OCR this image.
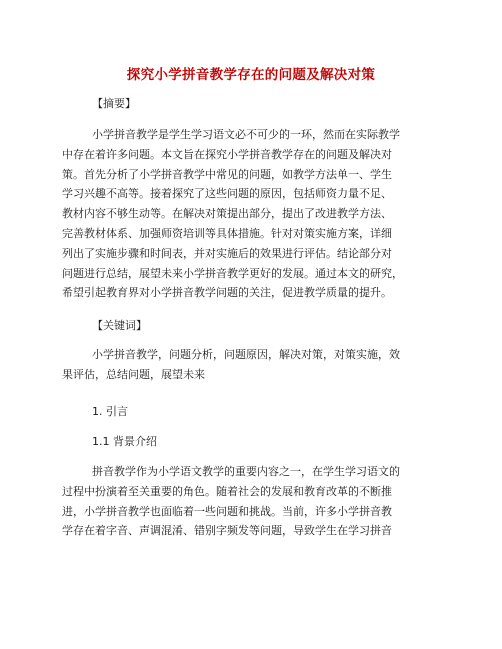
探究小学拼音教学存在的问题及解决对策
【摘要】
小学拼音教学是学生学习语文必不可少的一环，然而在实际教学
中存在着许多问题。本文旨在探究小学拼音教学存在的问题及解决对
策。首先分析了小学拼音教学中常见的问题，如教学方法单一、学生
学习兴趣不高等。接着探究了这些问题的原因，包括师资力量不足、
教材内容不够生动等。在解决对策提出部分，提出了改进教学方法、
完善教材体系、加强师资培训等具体措施。针对对策实施方案，详细
列出了实施步骤和时间表，并对实施后的效果进行评估。结论部分对
问题进行总结，展望未来小学拼音教学更好的发展。通过本文的研究，
希望引起教育界对小学拼音教学问题的关注，促进教学质量的提升。
【关键词】
小学拼音教学，问题分析，问题原因，解决对策，对策实施，效
果评估，总结问题，展望未来
1. 引言
1.1 背景介绍
拼音教学作为小学语文教学的重要内容之一，在学生学习语文的
过程中扮演着至关重要的角色。随着社会的发展和教育改革的不断推
进，小学拼音教学也面临着一些问题和挑战。当前，许多小学拼音教
学存在着字音、声调混淆、错别字频发等问题，导致学生在学习拼音
